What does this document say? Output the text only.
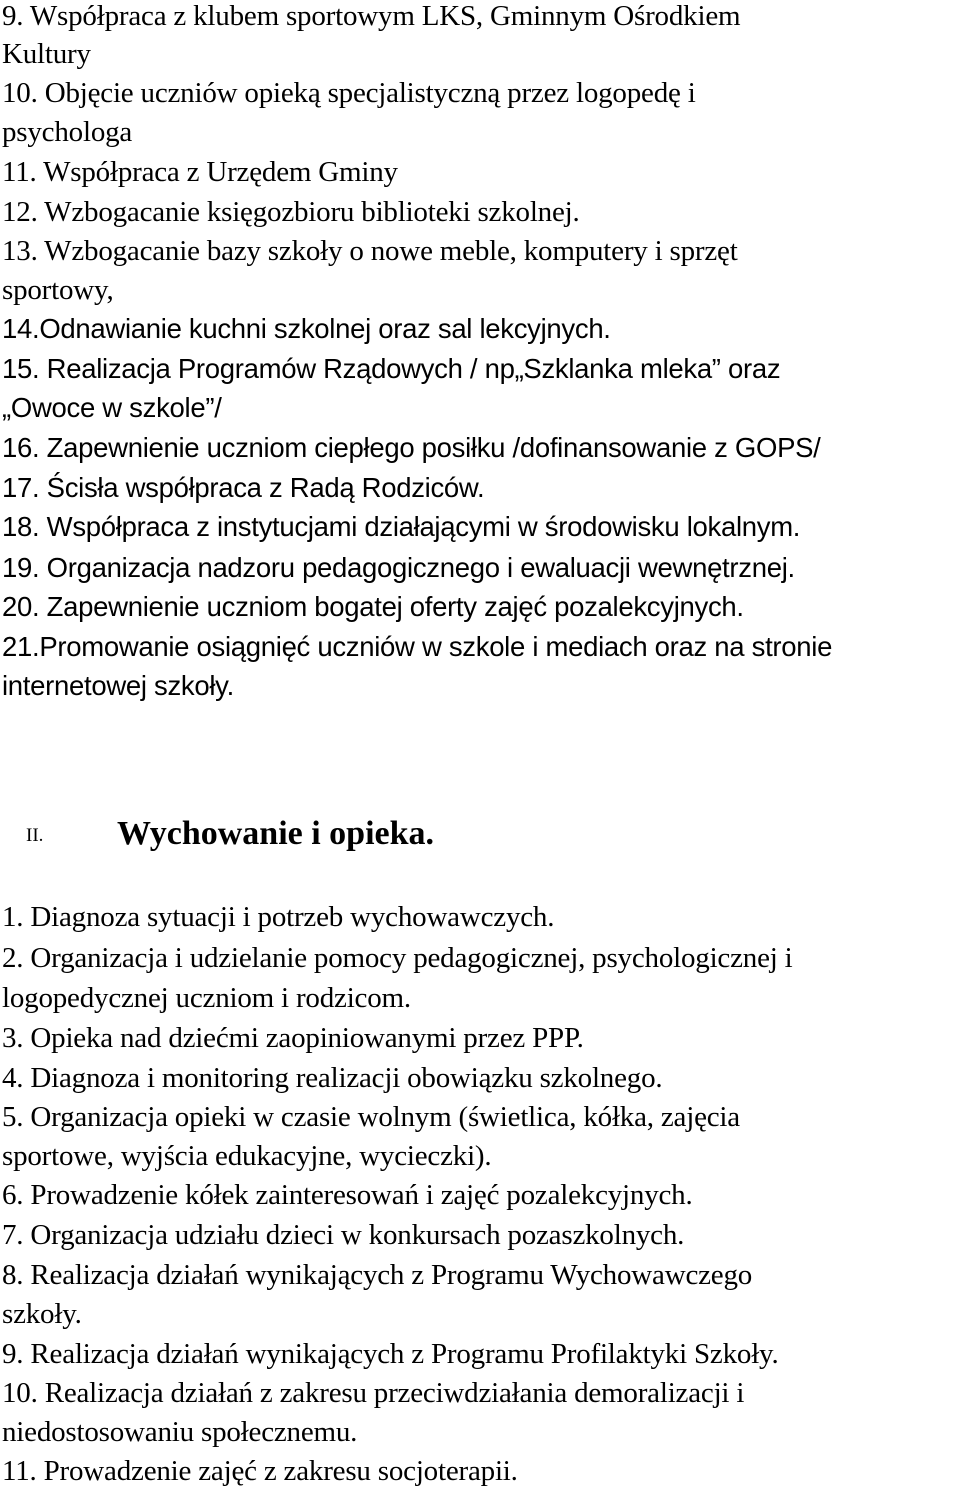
9. Współpraca z klubem sportowym LKS, Gminnym Ośrodkiem
Kultury
10. Objęcie uczniów opieką specjalistyczną przez logopedę i
psychologa
11. Współpraca z Urzędem Gminy
12. Wzbogacanie księgozbioru biblioteki szkolnej.
13. Wzbogacanie bazy szkoły o nowe meble, komputery i sprzęt
sportowy,
14.Odnawianie kuchni szkolnej oraz sal lekcyjnych.
15. Realizacja Programów Rządowych / np„Szklanka mleka” oraz
„Owoce w szkole”/
16. Zapewnienie uczniom ciepłego posiłku /dofinansowanie z GOPS/
17. Ścisła współpraca z Radą Rodziców.
18. Współpraca z instytucjami działającymi w środowisku lokalnym.
19. Organizacja nadzoru pedagogicznego i ewaluacji wewnętrznej.
20. Zapewnienie uczniom bogatej oferty zajęć pozalekcyjnych.
21.Promowanie osiągnięć uczniów w szkole i mediach oraz na stronie
internetowej szkoły.
II. Wychowanie i opieka.
1. Diagnoza sytuacji i potrzeb wychowawczych.
2. Organizacja i udzielanie pomocy pedagogicznej, psychologicznej i
logopedycznej uczniom i rodzicom.
3. Opieka nad dziećmi zaopiniowanymi przez PPP.
4. Diagnoza i monitoring realizacji obowiązku szkolnego.
5. Organizacja opieki w czasie wolnym (świetlica, kółka, zajęcia
sportowe, wyjścia edukacyjne, wycieczki).
6. Prowadzenie kółek zainteresowań i zajęć pozalekcyjnych.
7. Organizacja udziału dzieci w konkursach pozaszkolnych.
8. Realizacja działań wynikających z Programu Wychowawczego
szkoły.
9. Realizacja działań wynikających z Programu Profilaktyki Szkoły.
10. Realizacja działań z zakresu przeciwdziałania demoralizacji i
niedostosowaniu społecznemu.
11. Prowadzenie zajęć z zakresu socjoterapii.
